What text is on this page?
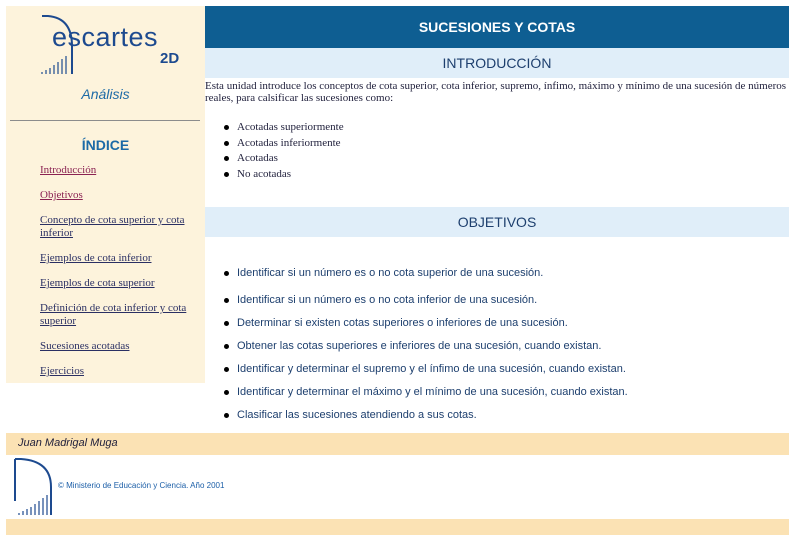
escartes
2D
Análisis
ÍNDICE
Introducción
Objetivos
Concepto de cota superior y cota inferior
Ejemplos de cota inferior
Ejemplos de cota superior
Definición de cota inferior y cota superior
Sucesiones acotadas
Ejercicios
SUCESIONES Y COTAS
INTRODUCCIÓN
Esta unidad introduce los conceptos de cota superior, cota inferior, supremo, ínfimo, máximo y mínimo de una sucesión de números reales, para calsificar las sucesiones como:
Acotadas superiormente
Acotadas inferiormente
Acotadas
No acotadas
OBJETIVOS
Identificar si un número es o no cota superior de una sucesión.
Identificar si un número es o no cota inferior de una sucesión.
Determinar si existen cotas superiores o inferiores de una sucesión.
Obtener las cotas superiores e inferiores de una sucesión, cuando existan.
Identificar y determinar el supremo y el ínfimo de una sucesión, cuando existan.
Identificar y determinar el máximo y el mínimo de una sucesión, cuando existan.
Clasificar las sucesiones atendiendo a sus cotas.
Juan Madrigal Muga
© Ministerio de Educación y Ciencia. Año 2001
